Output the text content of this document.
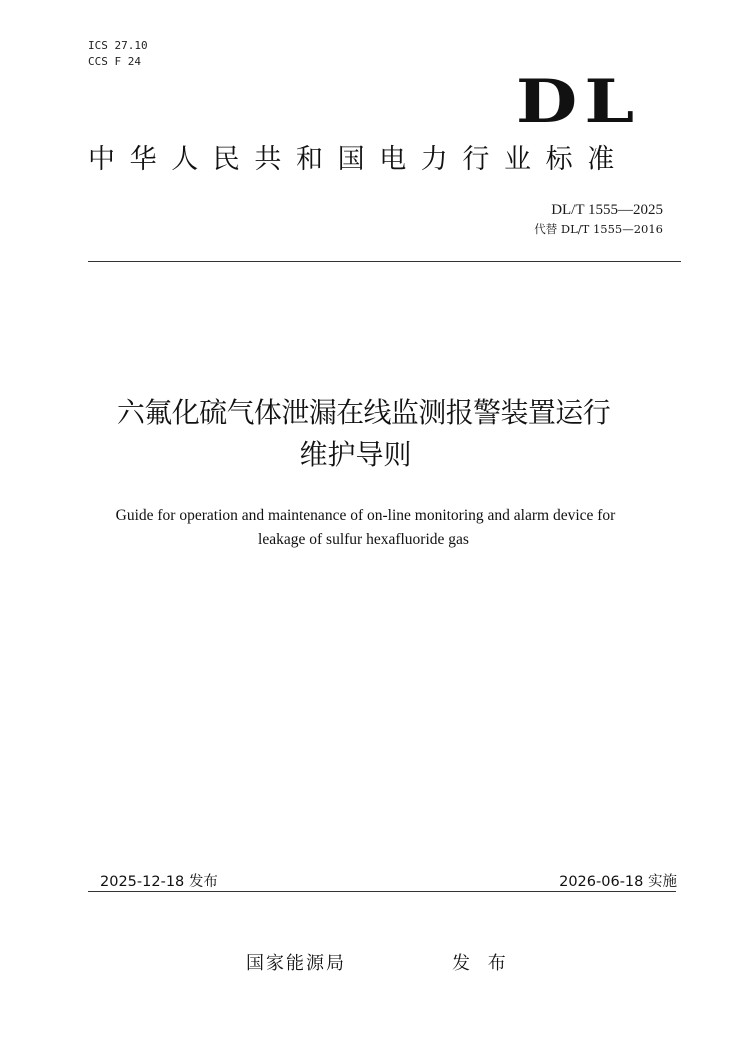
ICS 27.10
CCS F 24
DL
中华人民共和国电力行业标准
DL/T 1555—2025
代替 DL/T 1555—2016
六氟化硫气体泄漏在线监测报警装置运行
维护导则
Guide for operation and maintenance of on-line monitoring and alarm device for
leakage of sulfur hexafluoride gas
2025-12-18 发布	2026-06-18 实施
国家能源局	发 布
